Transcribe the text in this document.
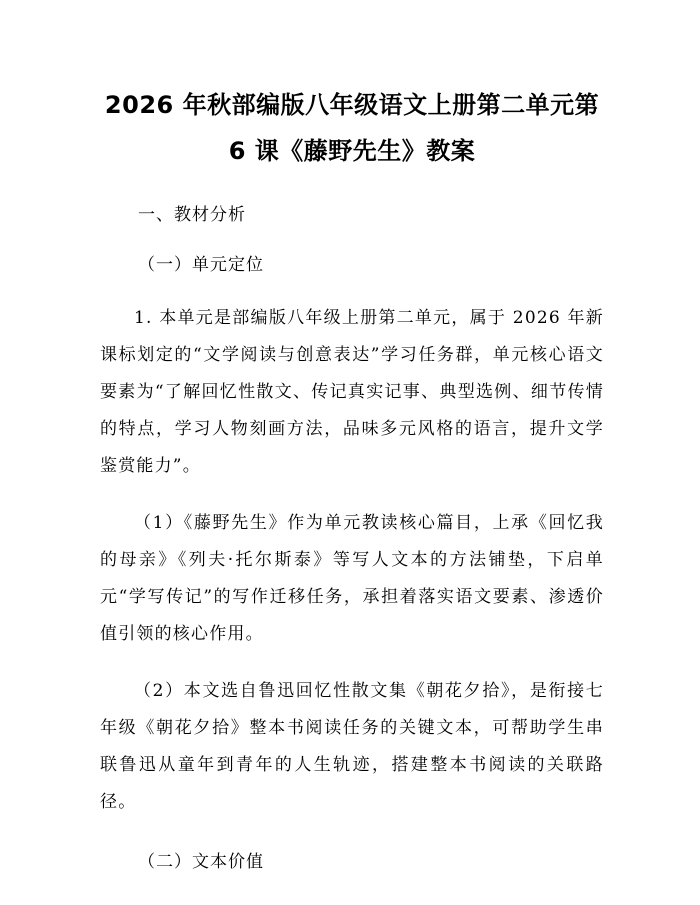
2026 年秋部编版八年级语文上册第二单元第
6 课《藤野先生》教案

一、教材分析

（一）单元定位

1. 本单元是部编版八年级上册第二单元，属于 2026 年新课标划定的“文学阅读与创意表达”学习任务群，单元核心语文要素为“了解回忆性散文、传记真实记事、典型选例、细节传情的特点，学习人物刻画方法，品味多元风格的语言，提升文学鉴赏能力”。

（1）《藤野先生》作为单元教读核心篇目，上承《回忆我的母亲》《列夫·托尔斯泰》等写人文本的方法铺垫，下启单元“学写传记”的写作迁移任务，承担着落实语文要素、渗透价值引领的核心作用。

（2）本文选自鲁迅回忆性散文集《朝花夕拾》，是衔接七年级《朝花夕拾》整本书阅读任务的关键文本，可帮助学生串联鲁迅从童年到青年的人生轨迹，搭建整本书阅读的关联路径。

（二）文本价值
